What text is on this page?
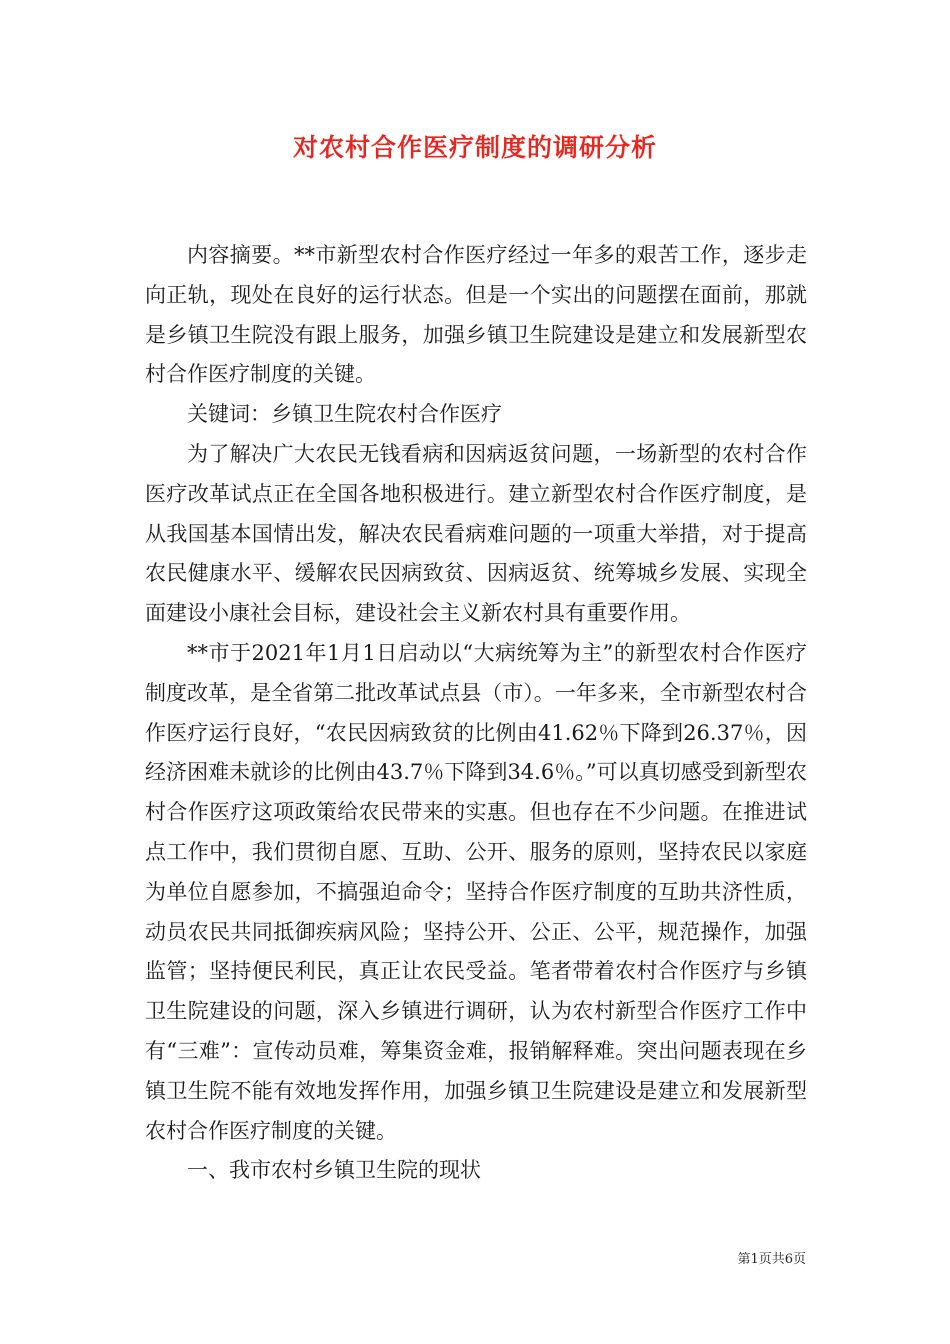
对农村合作医疗制度的调研分析

内容摘要。**市新型农村合作医疗经过一年多的艰苦工作，逐步走向正轨，现处在良好的运行状态。但是一个实出的问题摆在面前，那就是乡镇卫生院没有跟上服务，加强乡镇卫生院建设是建立和发展新型农村合作医疗制度的关键。

关键词：乡镇卫生院农村合作医疗

为了解决广大农民无钱看病和因病返贫问题，一场新型的农村合作医疗改革试点正在全国各地积极进行。建立新型农村合作医疗制度，是从我国基本国情出发，解决农民看病难问题的一项重大举措，对于提高农民健康水平、缓解农民因病致贫、因病返贫、统筹城乡发展、实现全面建设小康社会目标，建设社会主义新农村具有重要作用。

**市于2021年1月1日启动以“大病统筹为主”的新型农村合作医疗制度改革，是全省第二批改革试点县（市）。一年多来，全市新型农村合作医疗运行良好，“农民因病致贫的比例由41.62％下降到26.37％，因经济困难未就诊的比例由43.7％下降到34.6％。”可以真切感受到新型农村合作医疗这项政策给农民带来的实惠。但也存在不少问题。在推进试点工作中，我们贯彻自愿、互助、公开、服务的原则，坚持农民以家庭为单位自愿参加，不搞强迫命令；坚持合作医疗制度的互助共济性质，动员农民共同抵御疾病风险；坚持公开、公正、公平，规范操作，加强监管；坚持便民利民，真正让农民受益。笔者带着农村合作医疗与乡镇卫生院建设的问题，深入乡镇进行调研，认为农村新型合作医疗工作中有“三难”：宣传动员难，筹集资金难，报销解释难。突出问题表现在乡镇卫生院不能有效地发挥作用，加强乡镇卫生院建设是建立和发展新型农村合作医疗制度的关键。

一、我市农村乡镇卫生院的现状

第1页共6页
